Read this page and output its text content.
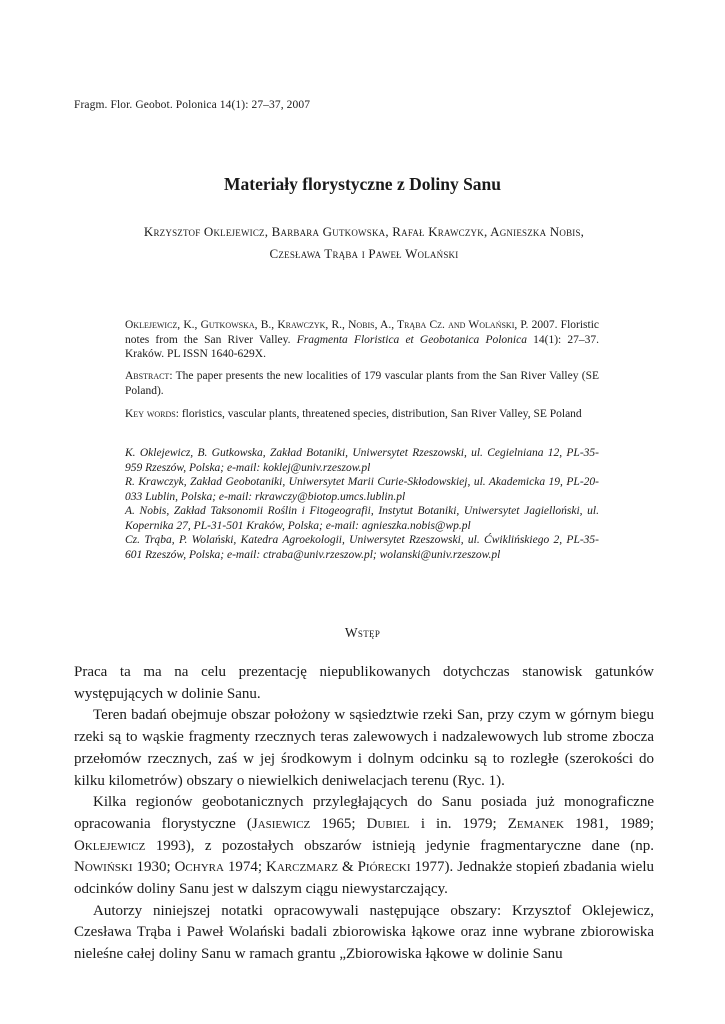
Fragm. Flor. Geobot. Polonica 14(1): 27–37, 2007
Materiały florystyczne z Doliny Sanu
Krzysztof Oklejewicz, Barbara Gutkowska, Rafał Krawczyk, Agnieszka Nobis,
Czesława Trąba i Paweł Wolański
Oklejewicz, K., Gutkowska, B., Krawczyk, R., Nobis, A., Trąba Cz. and Wolański, P. 2007. Floristic notes from the San River Valley. Fragmenta Floristica et Geobotanica Polonica 14(1): 27–37. Kraków. PL ISSN 1640-629X.
Abstract: The paper presents the new localities of 179 vascular plants from the San River Valley (SE Poland).
Key words: floristics, vascular plants, threatened species, distribution, San River Valley, SE Poland
K. Oklejewicz, B. Gutkowska, Zakład Botaniki, Uniwersytet Rzeszowski, ul. Cegielniana 12, PL-35-959 Rzeszów, Polska; e-mail: koklej@univ.rzeszow.pl
R. Krawczyk, Zakład Geobotaniki, Uniwersytet Marii Curie-Skłodowskiej, ul. Akademicka 19, PL-20-033 Lublin, Polska; e-mail: rkrawczy@biotop.umcs.lublin.pl
A. Nobis, Zakład Taksonomii Roślin i Fitogeografii, Instytut Botaniki, Uniwersytet Jagielloński, ul. Kopernika 27, PL-31-501 Kraków, Polska; e-mail: agnieszka.nobis@wp.pl
Cz. Trąba, P. Wolański, Katedra Agroekologii, Uniwersytet Rzeszowski, ul. Ćwiklińskiego 2, PL-35-601 Rzeszów, Polska; e-mail: ctraba@univ.rzeszow.pl; wolanski@univ.rzeszow.pl
Wstęp

Praca ta ma na celu prezentację niepublikowanych dotychczas stanowisk gatunków występujących w dolinie Sanu.

Teren badań obejmuje obszar położony w sąsiedztwie rzeki San, przy czym w górnym biegu rzeki są to wąskie fragmenty rzecznych teras zalewowych i nadzalewowych lub strome zbocza przełomów rzecznych, zaś w jej środkowym i dolnym odcinku są to rozległe (szerokości do kilku kilometrów) obszary o niewielkich deniwelacjach terenu (Ryc. 1).

Kilka regionów geobotanicznych przyległających do Sanu posiada już monograficzne opracowania florystyczne (Jasiewicz 1965; Dubiel i in. 1979; Zemanek 1981, 1989; Oklejewicz 1993), z pozostałych obszarów istnieją jedynie fragmentaryczne dane (np. Nowiński 1930; Ochyra 1974; Karczmarz & Piórecki 1977). Jednakże stopień zbadania wielu odcinków doliny Sanu jest w dalszym ciągu niewystarczający.

Autorzy niniejszej notatki opracowywali następujące obszary: Krzysztof Oklejewicz, Czesława Trąba i Paweł Wolański badali zbiorowiska łąkowe oraz inne wybrane zbiorowiska nieleśne całej doliny Sanu w ramach grantu „Zbiorowiska łąkowe w dolinie Sanu
